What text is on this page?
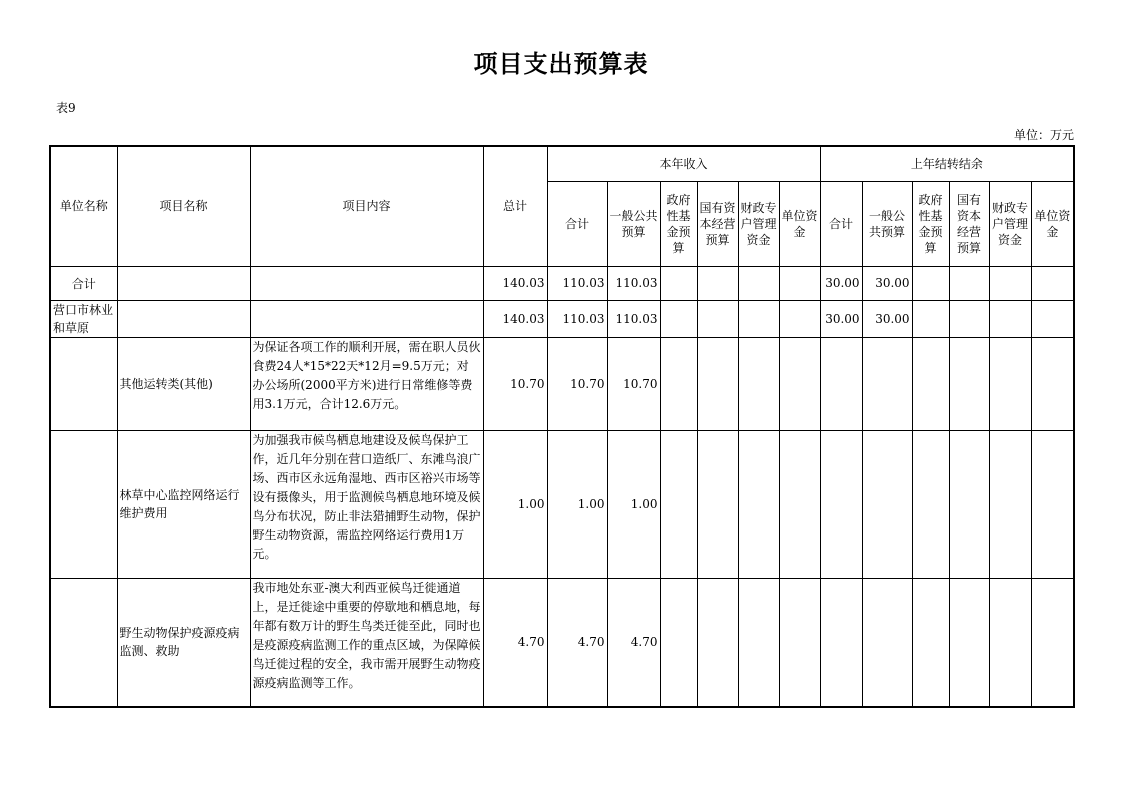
项目支出预算表
表9
单位：万元
单位名称	项目名称	项目内容	总计	本年收入						上年结转结余					
				合计	一般公共预算	政府性基金预算	国有资本经营预算	财政专户管理资金	单位资金	合计	一般公共预算	政府性基金预算	国有资本经营预算	财政专户管理资金	单位资金
合计			140.03	110.03	110.03					30.00	30.00				
营口市林业和草原			140.03	110.03	110.03					30.00	30.00				
	其他运转类(其他)	为保证各项工作的顺利开展，需在职人员伙食费24人*15*22天*12月=9.5万元；对办公场所(2000平方米)进行日常维修等费用3.1万元，合计12.6万元。	10.70	10.70	10.70										
	林草中心监控网络运行维护费用	为加强我市候鸟栖息地建设及候鸟保护工作，近几年分别在营口造纸厂、东滩鸟浪广场、西市区永远角湿地、西市区裕兴市场等设有摄像头，用于监测候鸟栖息地环境及候鸟分布状况，防止非法猎捕野生动物，保护野生动物资源，需监控网络运行费用1万元。	1.00	1.00	1.00										
	野生动物保护疫源疫病监测、救助	我市地处东亚-澳大利西亚候鸟迁徙通道上，是迁徙途中重要的停歇地和栖息地，每年都有数万计的野生鸟类迁徙至此，同时也是疫源疫病监测工作的重点区域，为保障候鸟迁徙过程的安全，我市需开展野生动物疫源疫病监测等工作。	4.70	4.70	4.70										
